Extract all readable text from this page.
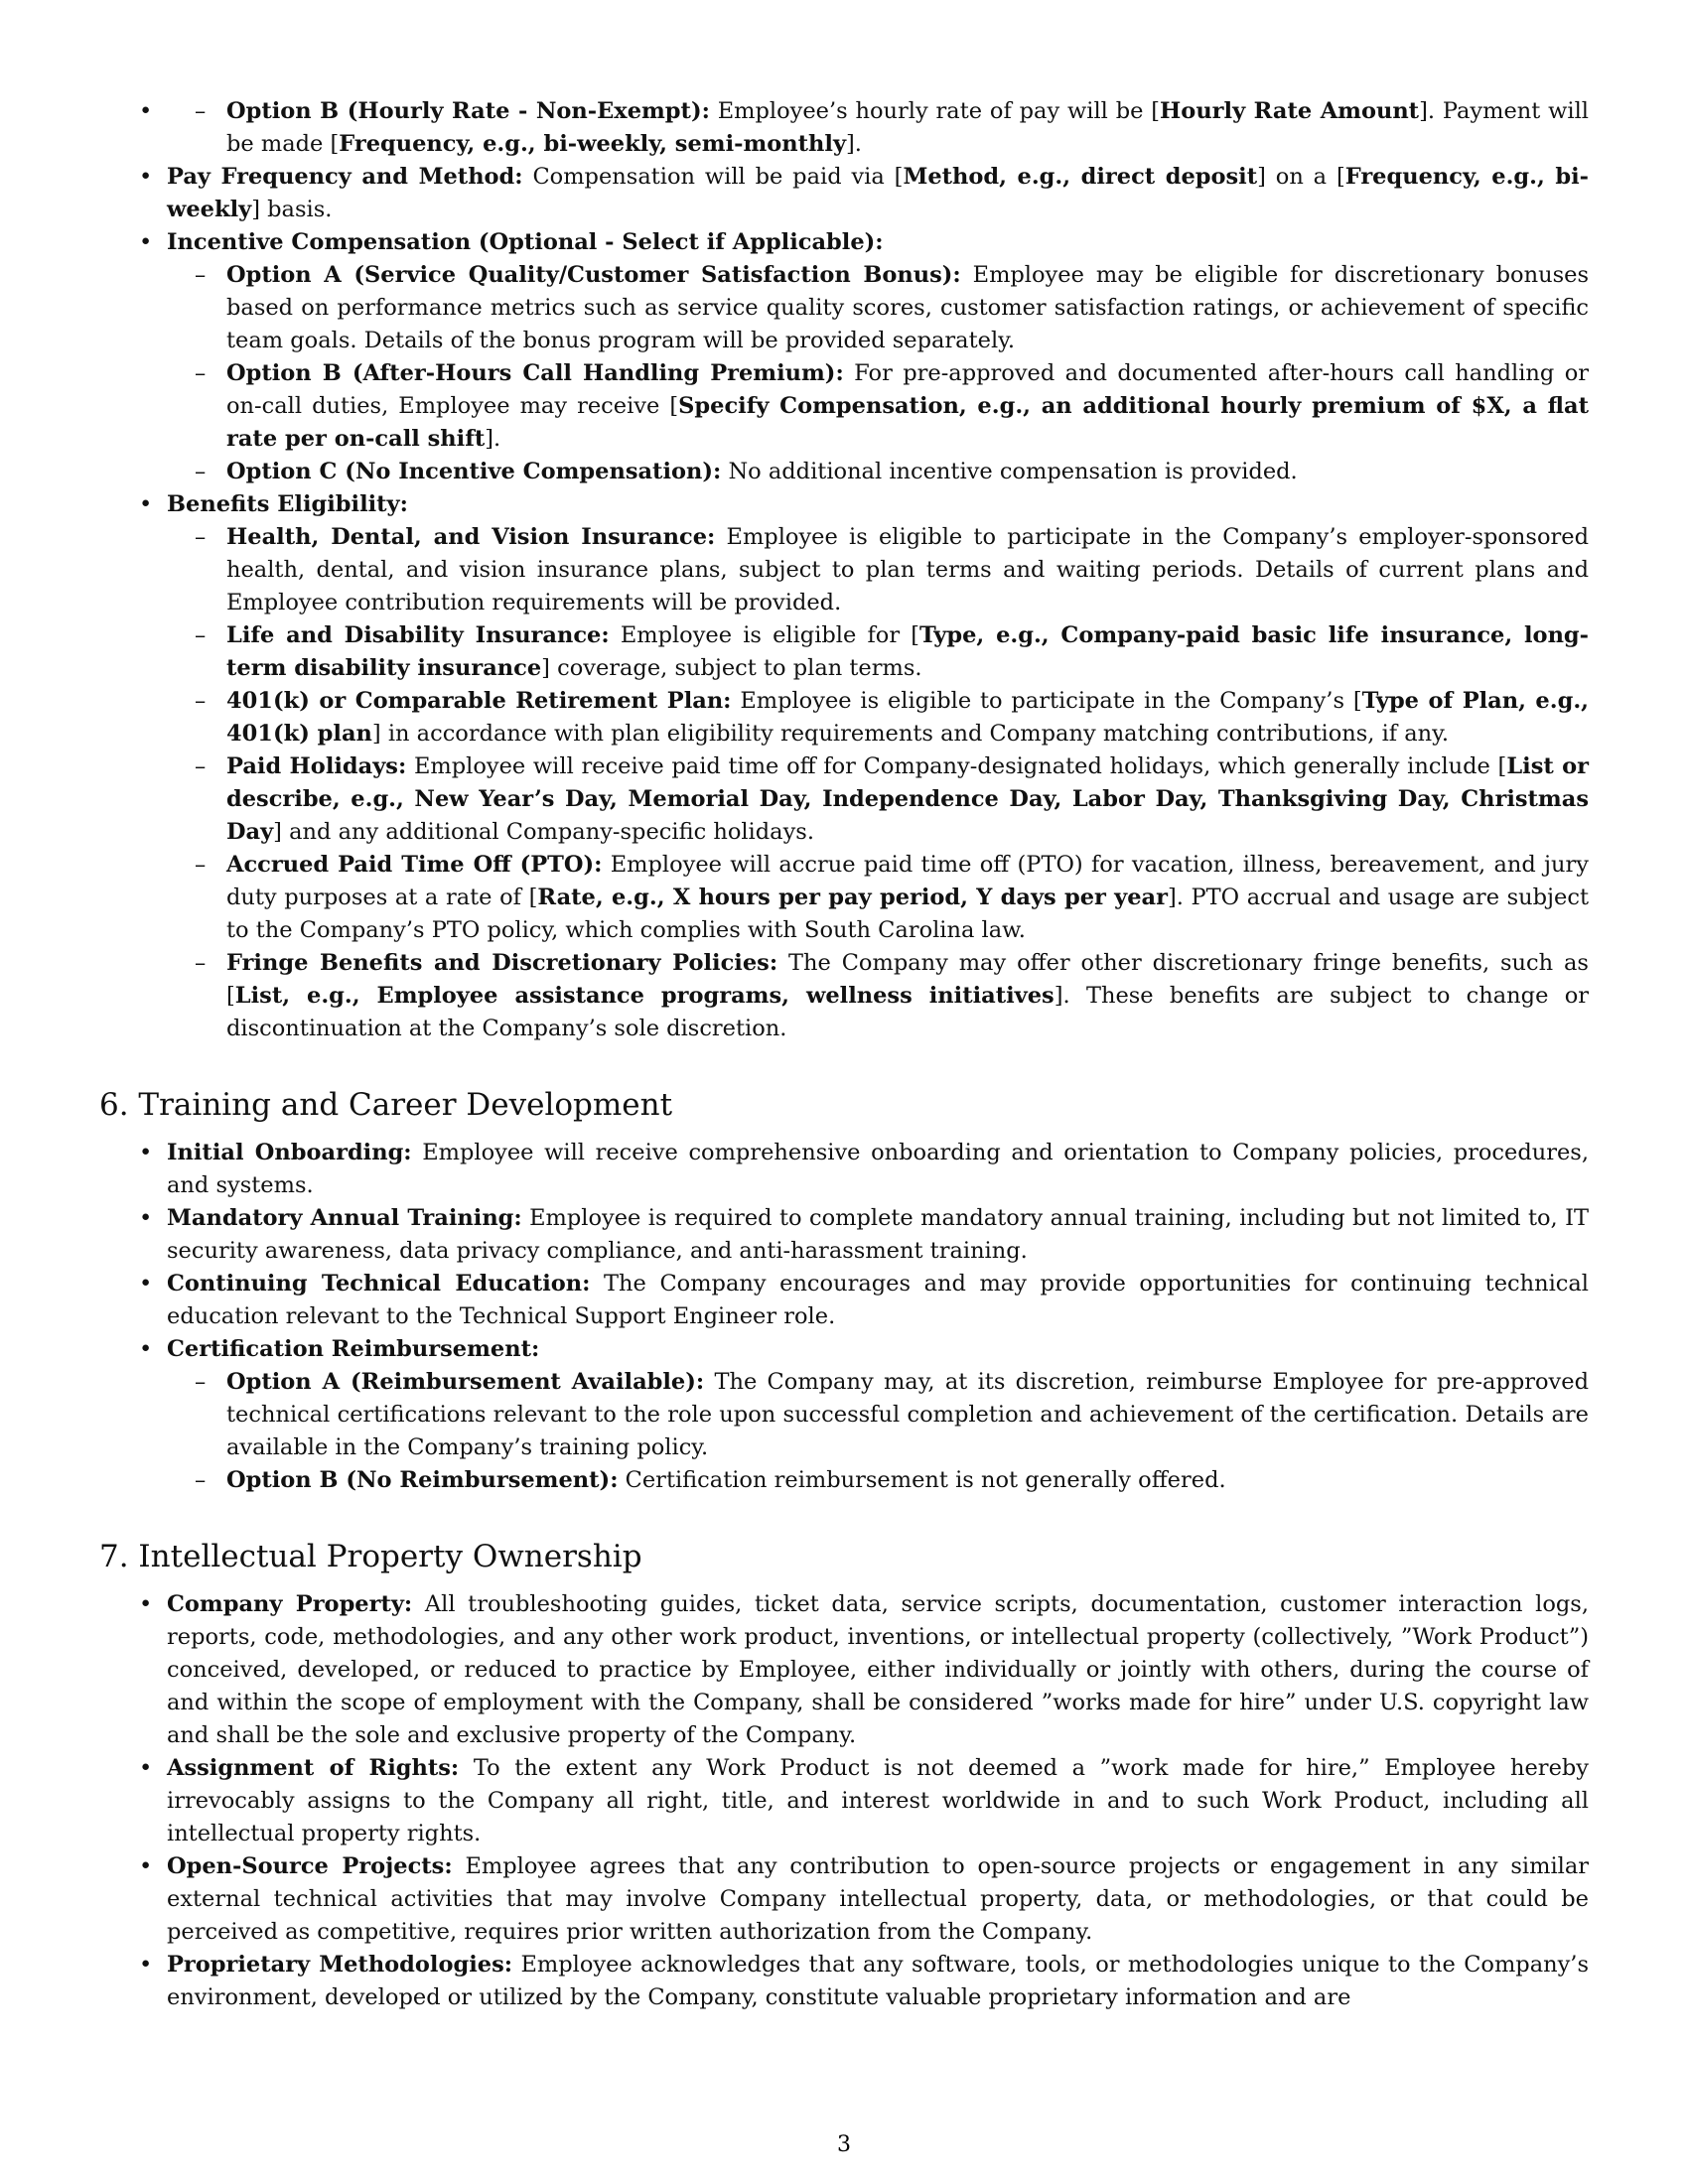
– • Option B (Hourly Rate - Non-Exempt): Employee’s hourly rate of pay will be [Hourly Rate Amount]. Payment will be made [Frequency, e.g., bi-weekly, semi-monthly].
• Pay Frequency and Method: Compensation will be paid via [Method, e.g., direct deposit] on a [Frequency, e.g., bi-weekly] basis.
• Incentive Compensation (Optional - Select if Applicable):
– Option A (Service Quality/Customer Satisfaction Bonus): Employee may be eligible for discretionary bonuses based on performance metrics such as service quality scores, customer satisfaction ratings, or achievement of specific team goals. Details of the bonus program will be provided separately.
– Option B (After-Hours Call Handling Premium): For pre-approved and documented after-hours call handling or on-call duties, Employee may receive [Specify Compensation, e.g., an additional hourly premium of $X, a flat rate per on-call shift].
– Option C (No Incentive Compensation): No additional incentive compensation is provided.
• Benefits Eligibility:
– Health, Dental, and Vision Insurance: Employee is eligible to participate in the Company’s employer-sponsored health, dental, and vision insurance plans, subject to plan terms and waiting periods. Details of current plans and Employee contribution requirements will be provided.
– Life and Disability Insurance: Employee is eligible for [Type, e.g., Company-paid basic life insurance, long-term disability insurance] coverage, subject to plan terms.
– 401(k) or Comparable Retirement Plan: Employee is eligible to participate in the Company’s [Type of Plan, e.g., 401(k) plan] in accordance with plan eligibility requirements and Company matching contributions, if any.
– Paid Holidays: Employee will receive paid time off for Company-designated holidays, which generally include [List or describe, e.g., New Year’s Day, Memorial Day, Independence Day, Labor Day, Thanksgiving Day, Christmas Day] and any additional Company-specific holidays.
– Accrued Paid Time Off (PTO): Employee will accrue paid time off (PTO) for vacation, illness, bereavement, and jury duty purposes at a rate of [Rate, e.g., X hours per pay period, Y days per year]. PTO accrual and usage are subject to the Company’s PTO policy, which complies with South Carolina law.
– Fringe Benefits and Discretionary Policies: The Company may offer other discretionary fringe benefits, such as [List, e.g., Employee assistance programs, wellness initiatives]. These benefits are subject to change or discontinuation at the Company’s sole discretion.
6. Training and Career Development
• Initial Onboarding: Employee will receive comprehensive onboarding and orientation to Company policies, procedures, and systems.
• Mandatory Annual Training: Employee is required to complete mandatory annual training, including but not limited to, IT security awareness, data privacy compliance, and anti-harassment training.
• Continuing Technical Education: The Company encourages and may provide opportunities for continuing technical education relevant to the Technical Support Engineer role.
• Certification Reimbursement:
– Option A (Reimbursement Available): The Company may, at its discretion, reimburse Employee for pre-approved technical certifications relevant to the role upon successful completion and achievement of the certification. Details are available in the Company’s training policy.
– Option B (No Reimbursement): Certification reimbursement is not generally offered.
7. Intellectual Property Ownership
• Company Property: All troubleshooting guides, ticket data, service scripts, documentation, customer interaction logs, reports, code, methodologies, and any other work product, inventions, or intellectual property (collectively, ”Work Product”) conceived, developed, or reduced to practice by Employee, either individually or jointly with others, during the course of and within the scope of employment with the Company, shall be considered ”works made for hire” under U.S. copyright law and shall be the sole and exclusive property of the Company.
• Assignment of Rights: To the extent any Work Product is not deemed a ”work made for hire,” Employee hereby irrevocably assigns to the Company all right, title, and interest worldwide in and to such Work Product, including all intellectual property rights.
• Open-Source Projects: Employee agrees that any contribution to open-source projects or engagement in any similar external technical activities that may involve Company intellectual property, data, or methodologies, or that could be perceived as competitive, requires prior written authorization from the Company.
• Proprietary Methodologies: Employee acknowledges that any software, tools, or methodologies unique to the Company’s environment, developed or utilized by the Company, constitute valuable proprietary information and are
3
